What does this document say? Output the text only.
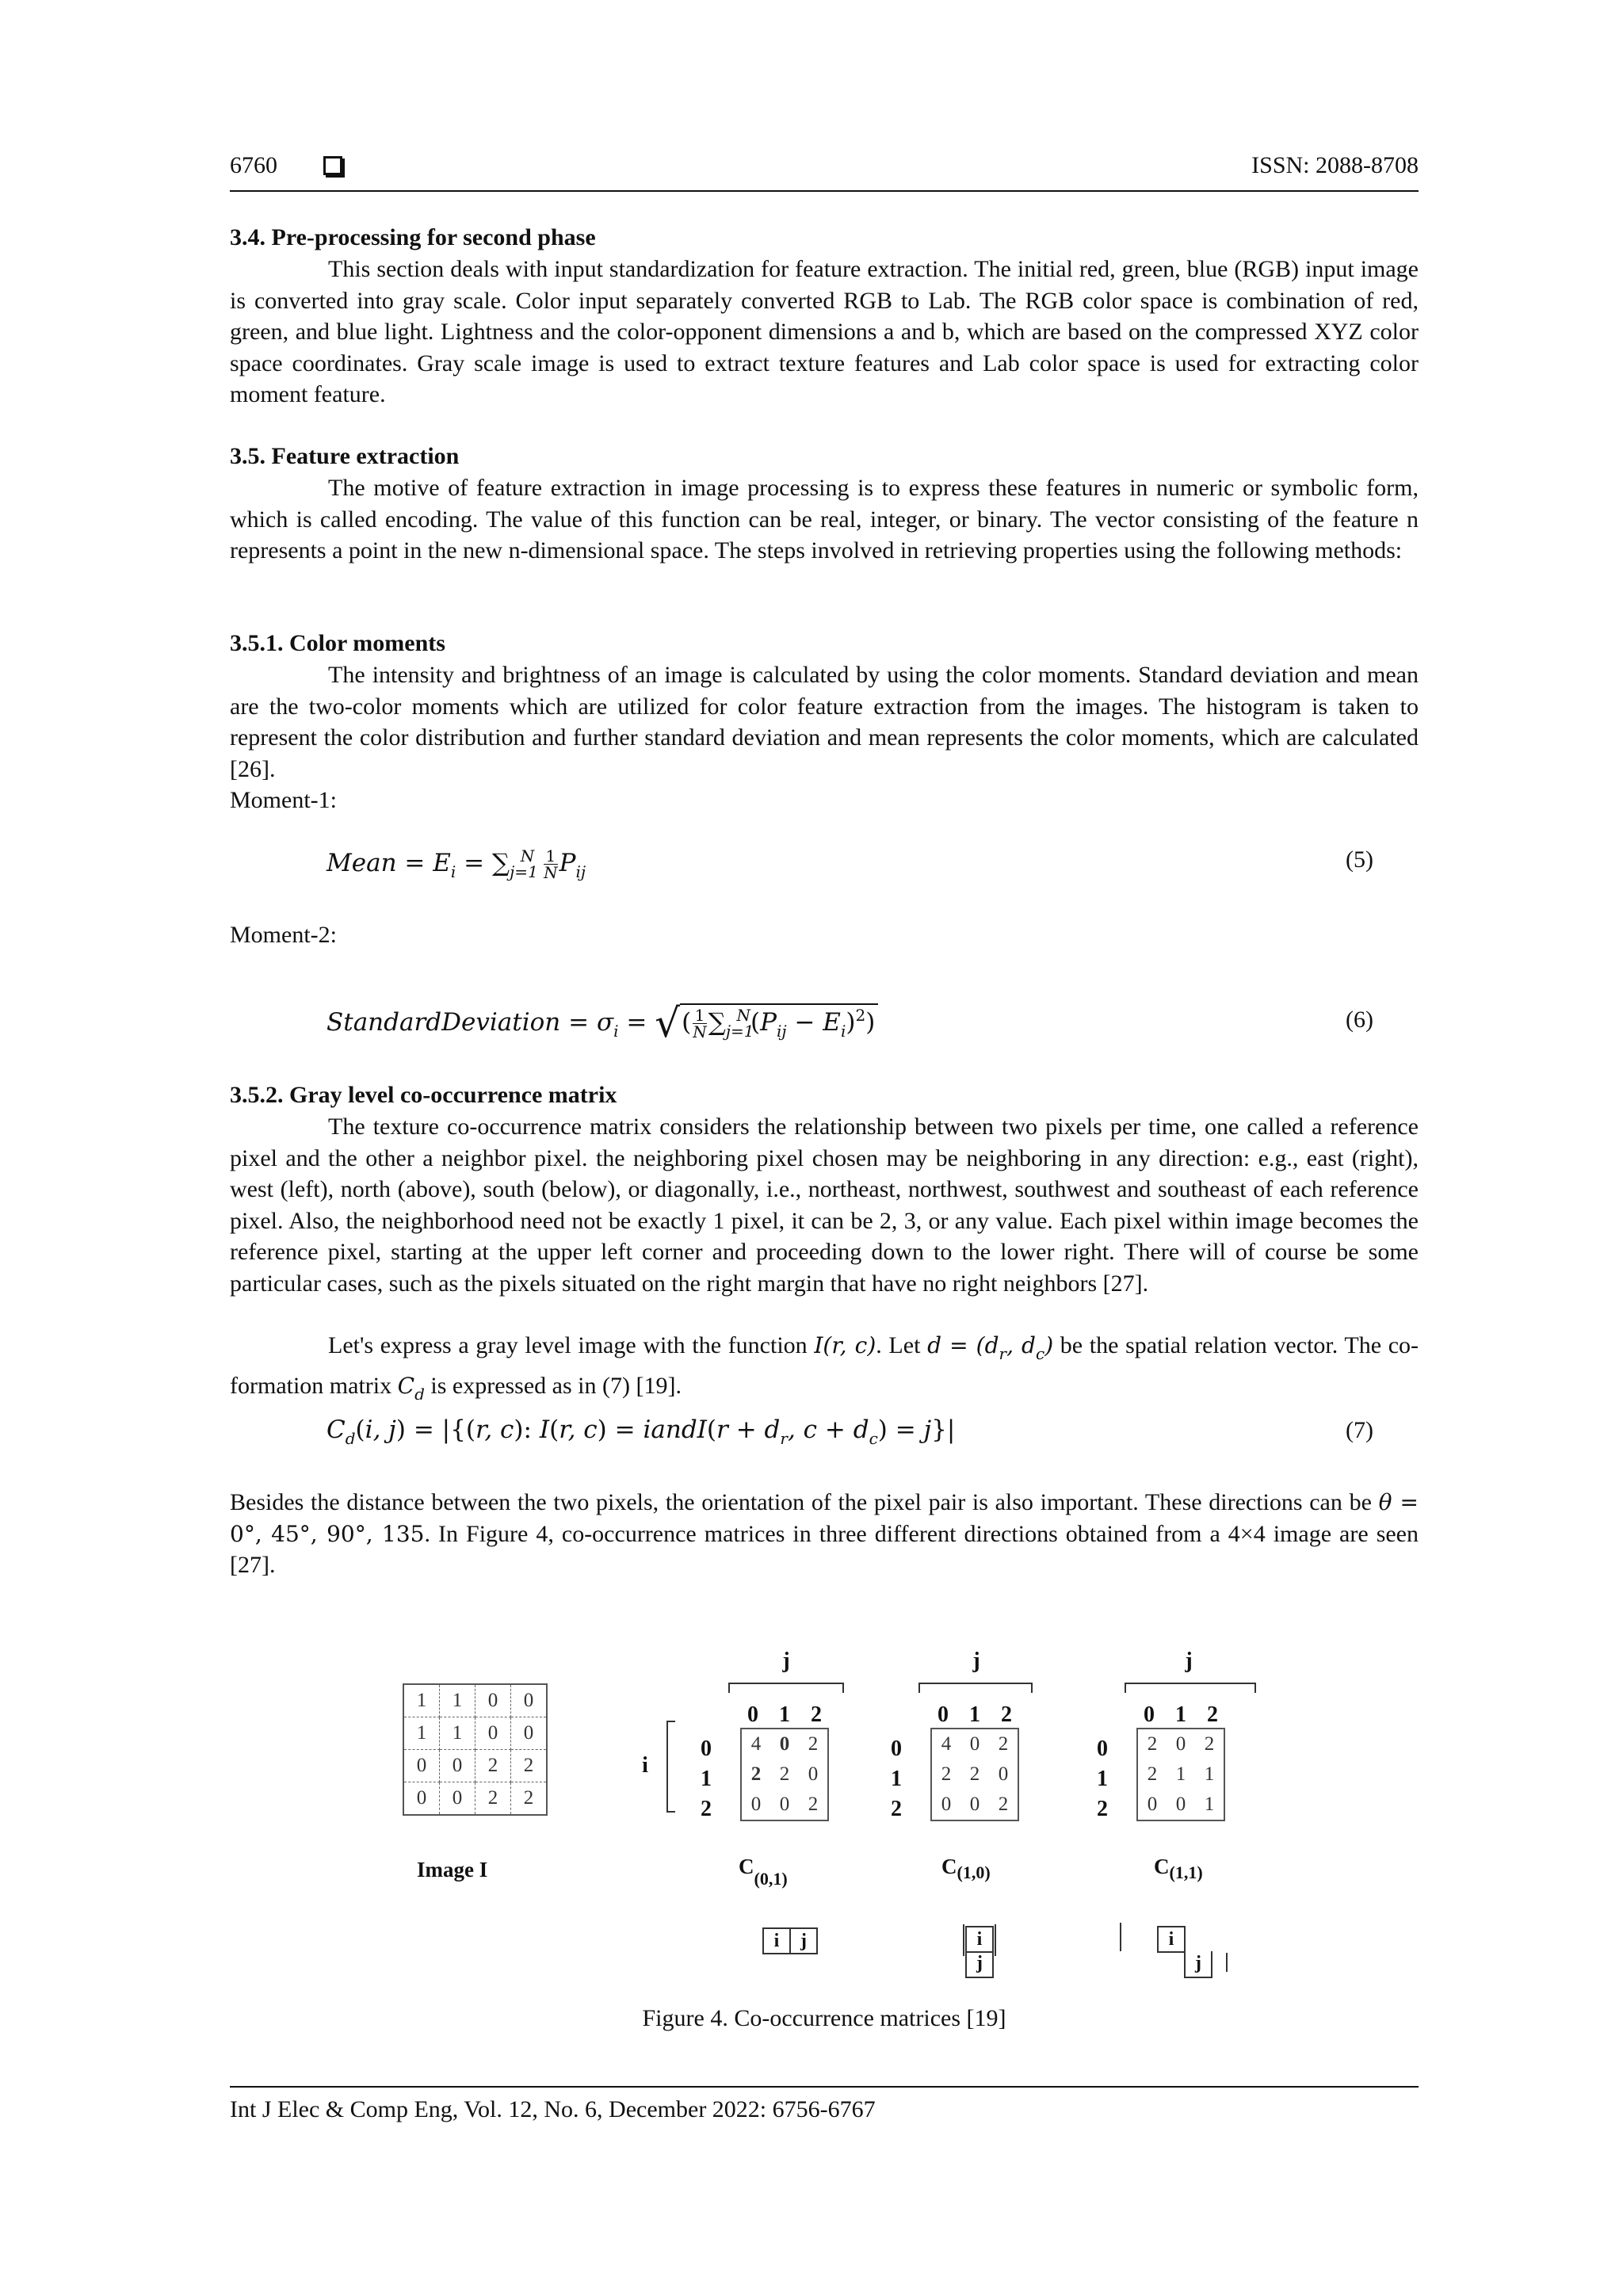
6760	ISSN: 2088-8708
3.4. Pre-processing for second phase
This section deals with input standardization for feature extraction. The initial red, green, blue (RGB) input image is converted into gray scale. Color input separately converted RGB to Lab. The RGB color space is combination of red, green, and blue light. Lightness and the color-opponent dimensions a and b, which are based on the compressed XYZ color space coordinates. Gray scale image is used to extract texture features and Lab color space is used for extracting color moment feature.
3.5. Feature extraction
The motive of feature extraction in image processing is to express these features in numeric or symbolic form, which is called encoding. The value of this function can be real, integer, or binary. The vector consisting of the feature n represents a point in the new n-dimensional space. The steps involved in retrieving properties using the following methods:
3.5.1. Color moments
The intensity and brightness of an image is calculated by using the color moments. Standard deviation and mean are the two-color moments which are utilized for color feature extraction from the images. The histogram is taken to represent the color distribution and further standard deviation and mean represents the color moments, which are calculated [26].
Moment-1:
Mean = $E_i = \sum_{j=1}^N \frac{1}{N} P_{ij}$	(5)
Moment-2:
StandardDeviation = $\sigma_i$ = √( $\frac{1}{N} \sum_{j=1}^N(P_{ij} - E_i)^2$)	(6)
3.5.2. Gray level co-occurrence matrix
The texture co-occurrence matrix considers the relationship between two pixels per time, one called a reference pixel and the other a neighbor pixel. the neighboring pixel chosen may be neighboring in any direction: e.g., east (right), west (left), north (above), south (below), or diagonally, i.e., northeast, northwest, southwest and southeast of each reference pixel. Also, the neighborhood need not be exactly 1 pixel, it can be 2, 3, or any value. Each pixel within image becomes the reference pixel, starting at the upper left corner and proceeding down to the lower right. There will of course be some particular cases, such as the pixels situated on the right margin that have no right neighbors [27].
Let's express a gray level image with the function I(r, c). Let $d = (d_r$, $d_c$) be the spatial relation vector. The co-formation matrix $C_d$ is expressed as in (7) [19].
$C_d(i$, j) = |{(r, c): I(r, c) = iandI(r + $d_r$, $c + d_c) = j\}|$	(7)
Besides the distance between the two pixels, the orientation of the pixel pair is also important. These directions can be θ = 0°, 45°, 90°, 135. In Figure 4, co-occurrence matrices in three different directions obtained from a 4×4 image are seen [27].
1	1	0	0
1	1	0	0
0	0	2	2
0	0	2	2
Image I
j	j	j
i
0 1 2	0 1 2	0 1 2
0
1
2
0
1
2
0
1
2
4	0	2
2	2	0
0	0	2
4	0	2
2	2	0
0	0	2
2	0	2
2	1	1
0	0	1
$C_{(0,1)}$
$C_{(1,0)}$	$C_{(1,1)}$
i	j	i
j
i
j
Figure 4. Co-occurrence matrices [19]
Int J Elec & Comp Eng, Vol. 12, No. 6, December 2022: 6756-6767
